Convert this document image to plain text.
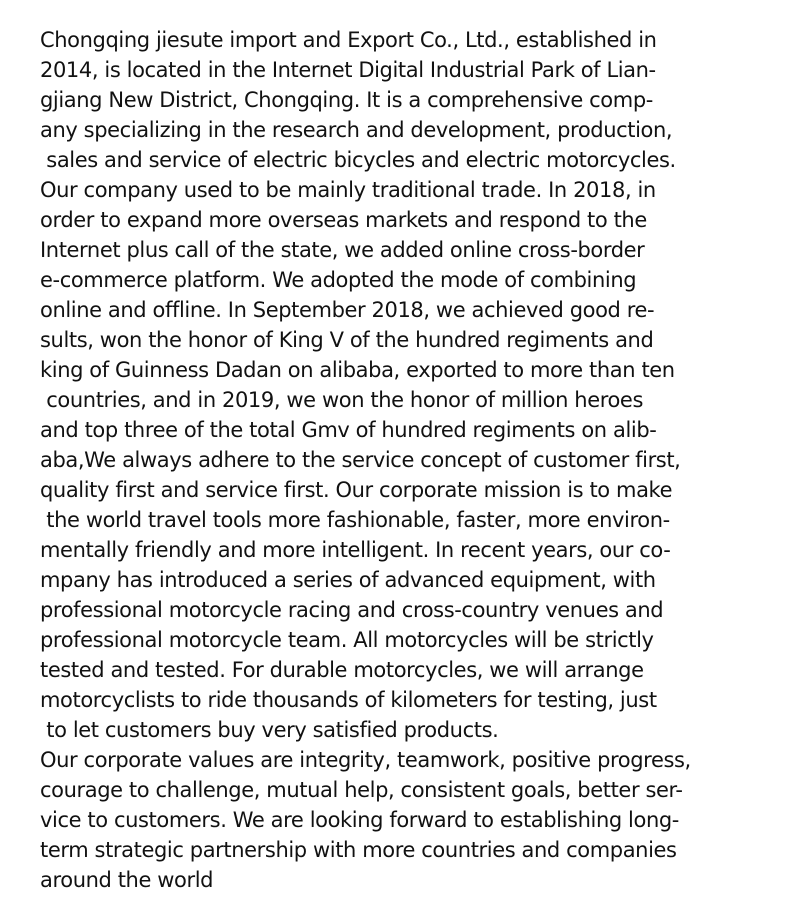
Chongqing jiesute import and Export Co., Ltd., established in
2014, is located in the Internet Digital Industrial Park of Lian-
gjiang New District, Chongqing. It is a comprehensive comp-
any specializing in the research and development, production,
sales and service of electric bicycles and electric motorcycles.
Our company used to be mainly traditional trade. In 2018, in
order to expand more overseas markets and respond to the
Internet plus call of the state, we added online cross-border
e-commerce platform. We adopted the mode of combining
online and offline. In September 2018, we achieved good re-
sults, won the honor of King V of the hundred regiments and
king of Guinness Dadan on alibaba, exported to more than ten
countries, and in 2019, we won the honor of million heroes
and top three of the total Gmv of hundred regiments on alib-
aba,We always adhere to the service concept of customer first,
quality first and service first. Our corporate mission is to make
the world travel tools more fashionable, faster, more environ-
mentally friendly and more intelligent. In recent years, our co-
mpany has introduced a series of advanced equipment, with
professional motorcycle racing and cross-country venues and
professional motorcycle team. All motorcycles will be strictly
tested and tested. For durable motorcycles, we will arrange
motorcyclists to ride thousands of kilometers for testing, just
to let customers buy very satisfied products.
Our corporate values are integrity, teamwork, positive progress,
courage to challenge, mutual help, consistent goals, better ser-
vice to customers. We are looking forward to establishing long-
term strategic partnership with more countries and companies
around the world
